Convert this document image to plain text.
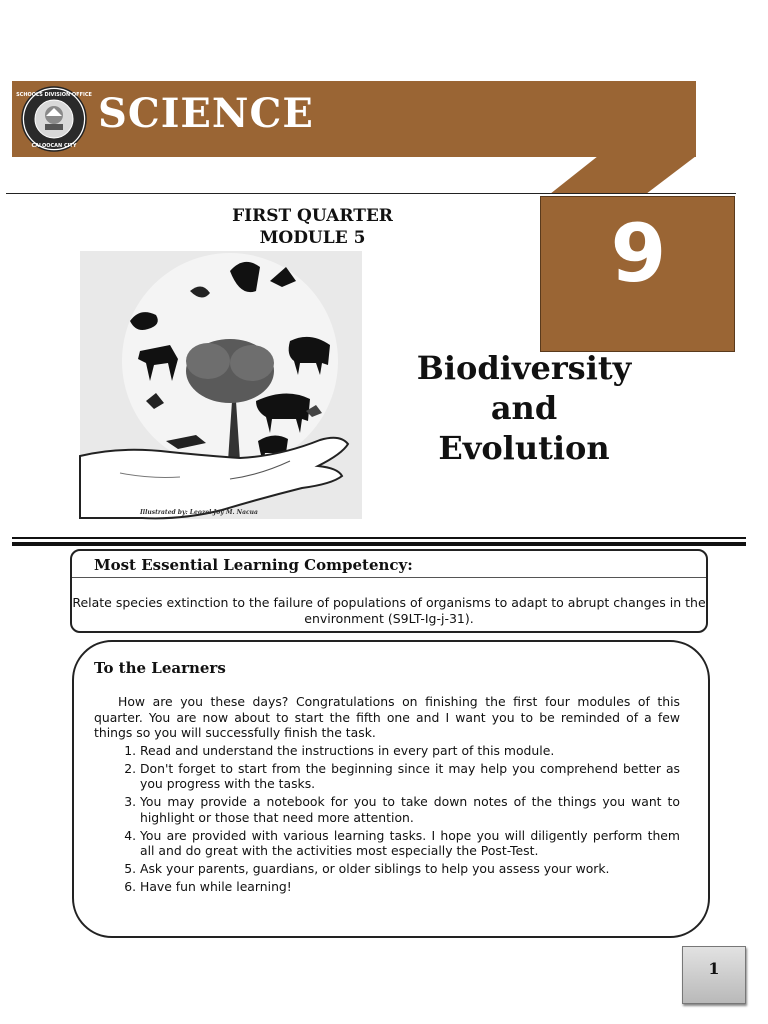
SCHOOLS DIVISION OFFICE
CALOOCAN CITY
SCIENCE
9
FIRST QUARTER
MODULE 5
Biodiversity
and
Evolution
Illustrated by: Leozel Joy M. Nacua
Most Essential Learning Competency:
Relate species extinction to the failure of populations of organisms to adapt to abrupt changes in the environment (S9LT-Ig-j-31).
To the Learners

How are you these days? Congratulations on finishing the first four modules of this quarter. You are now about to start the fifth one and I want you to be reminded of a few things so you will successfully finish the task.

1. Read and understand the instructions in every part of this module.
2. Don't forget to start from the beginning since it may help you comprehend better as you progress with the tasks.
3. You may provide a notebook for you to take down notes of the things you want to highlight or those that need more attention.
4. You are provided with various learning tasks. I hope you will diligently perform them all and do great with the activities most especially the Post-Test.
5. Ask your parents, guardians, or older siblings to help you assess your work.
6. Have fun while learning!
1
